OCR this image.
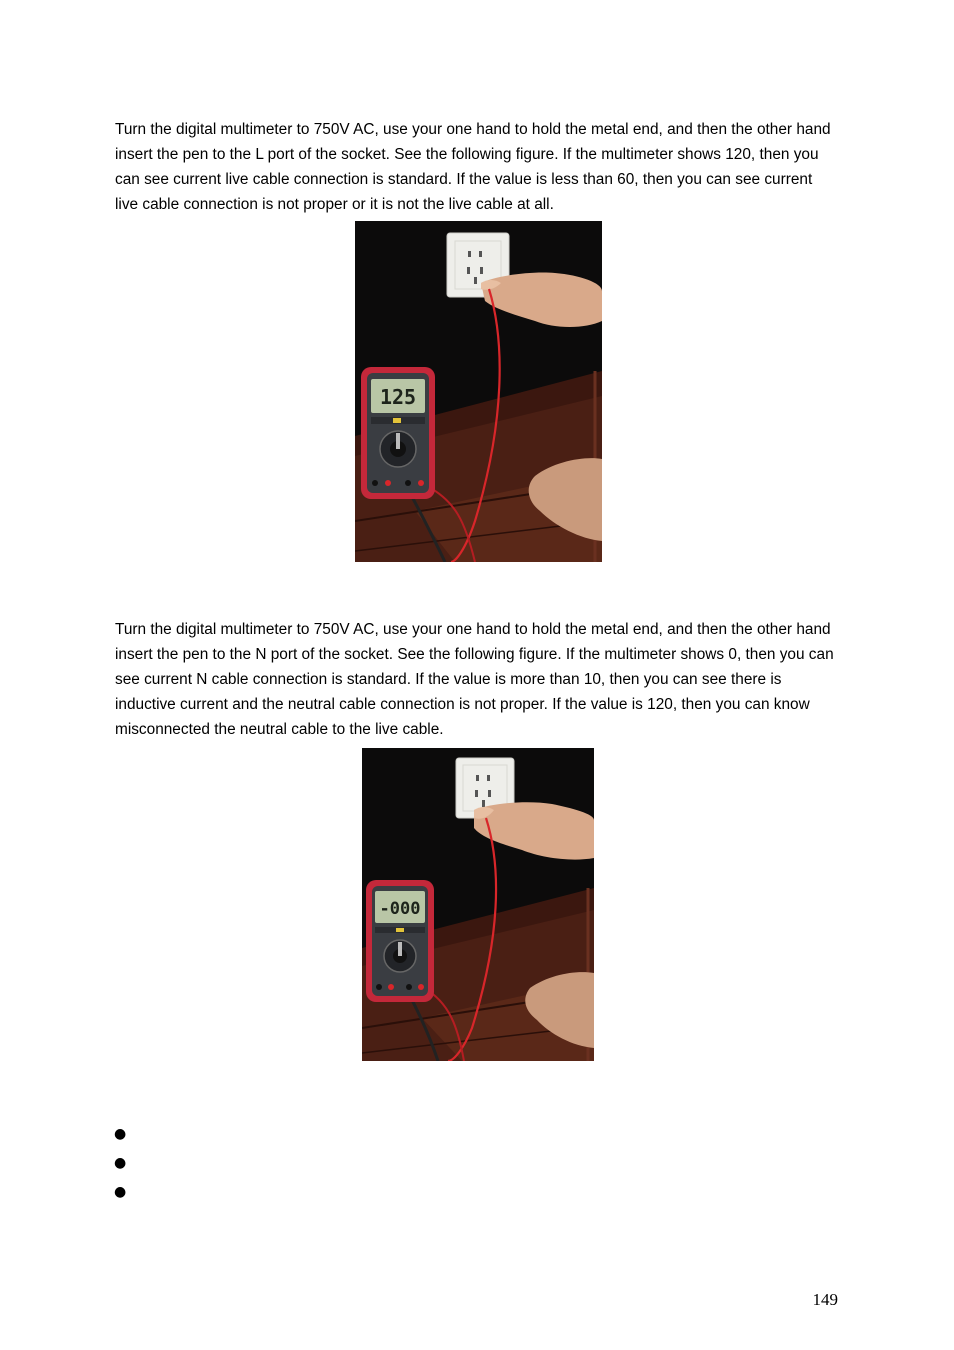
Turn the digital multimeter to 750V AC, use your one hand to hold the metal end, and then the other hand insert the pen to the L port of the socket. See the following figure. If the multimeter shows 120, then you can see current live cable connection is standard. If the value is less than 60, then you can see current live cable connection is not proper or it is not the live cable at all.

125

Turn the digital multimeter to 750V AC, use your one hand to hold the metal end, and then the other hand insert the pen to the N port of the socket. See the following figure. If the multimeter shows 0, then you can see current N cable connection is standard. If the value is more than 10, then you can see there is inductive current and the neutral cable connection is not proper. If the value is 120, then you can know misconnected the neutral cable to the live cable.

-000
●
●
●
149
